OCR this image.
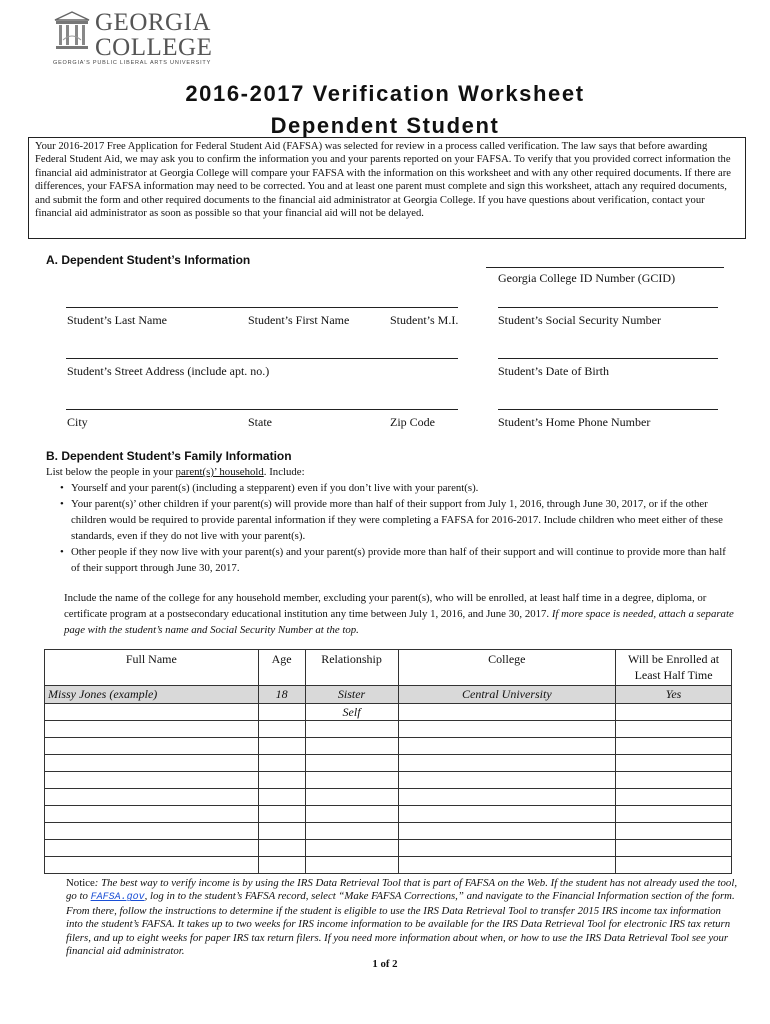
GEORGIA
COLLEGE
GEORGIA'S PUBLIC LIBERAL ARTS UNIVERSITY
2016-2017 Verification Worksheet
Dependent Student
Your 2016-2017 Free Application for Federal Student Aid (FAFSA) was selected for review in a process called verification. The law says that before awarding Federal Student Aid, we may ask you to confirm the information you and your parents reported on your FAFSA. To verify that you provided correct information the financial aid administrator at Georgia College will compare your FAFSA with the information on this worksheet and with any other required documents. If there are differences, your FAFSA information may need to be corrected. You and at least one parent must complete and sign this worksheet, attach any required documents, and submit the form and other required documents to the financial aid administrator at Georgia College. If you have questions about verification, contact your financial aid administrator as soon as possible so that your financial aid will not be delayed.
A. Dependent Student’s Information
Georgia College ID Number (GCID)
Student’s Last Name	Student’s First Name	Student’s M.I.	Student’s Social Security Number
Student’s Street Address (include apt. no.)	Student’s Date of Birth
City	State	Zip Code	Student’s Home Phone Number
B. Dependent Student’s Family Information
List below the people in your parent(s)’ household. Include:
• Yourself and your parent(s) (including a stepparent) even if you don’t live with your parent(s).
• Your parent(s)’ other children if your parent(s) will provide more than half of their support from July 1, 2016, through June 30, 2017, or if the other children would be required to provide parental information if they were completing a FAFSA for 2016-2017. Include children who meet either of these standards, even if they do not live with your parent(s).
• Other people if they now live with your parent(s) and your parent(s) provide more than half of their support and will continue to provide more than half of their support through June 30, 2017.
Include the name of the college for any household member, excluding your parent(s), who will be enrolled, at least half time in a degree, diploma, or certificate program at a postsecondary educational institution any time between July 1, 2016, and June 30, 2017. If more space is needed, attach a separate page with the student’s name and Social Security Number at the top.
Full Name	Age	Relationship	College	Will be Enrolled at Least Half Time
Missy Jones (example)	18	Sister	Central University	Yes
		Self		

Notice: The best way to verify income is by using the IRS Data Retrieval Tool that is part of FAFSA on the Web. If the student has not already used the tool, go to FAFSA.gov, log in to the student’s FAFSA record, select “Make FAFSA Corrections,” and navigate to the Financial Information section of the form. From there, follow the instructions to determine if the student is eligible to use the IRS Data Retrieval Tool to transfer 2015 IRS income tax information into the student’s FAFSA. It takes up to two weeks for IRS income information to be available for the IRS Data Retrieval Tool for electronic IRS tax return filers, and up to eight weeks for paper IRS tax return filers. If you need more information about when, or how to use the IRS Data Retrieval Tool see your financial aid administrator.
1 of 2
